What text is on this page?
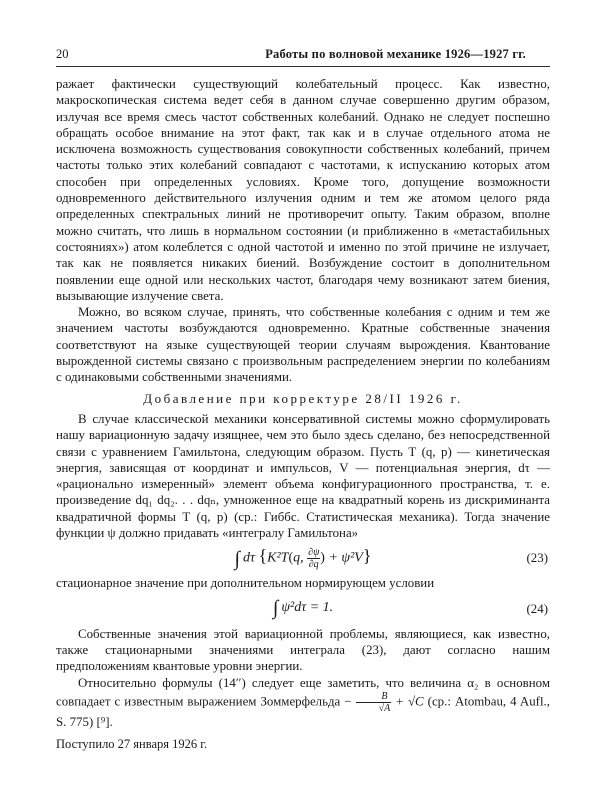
20	Работы по волновой механике 1926—1927 гг.

ражает фактически существующий колебательный процесс. Как известно, макроскопическая система ведет себя в данном случае совершенно другим образом, излучая все время смесь частот собственных колебаний. Однако не следует поспешно обращать особое внимание на этот факт, так как и в случае отдельного атома не исключена возможность существования совокупности собственных колебаний, причем частоты только этих колебаний совпадают с частотами, к испусканию которых атом способен при определенных условиях. Кроме того, допущение возможности одновременного действительного излучения одним и тем же атомом целого ряда определенных спектральных линий не противоречит опыту. Таким образом, вполне можно считать, что лишь в нормальном состоянии (и приближенно в «метастабильных состояниях») атом колеблется с одной частотой и именно по этой причине не излучает, так как не появляется никаких биений. Возбуждение состоит в дополнительном появлении еще одной или нескольких частот, благодаря чему возникают затем биения, вызывающие излучение света.

Можно, во всяком случае, принять, что собственные колебания с одним и тем же значением частоты возбуждаются одновременно. Кратные собственные значения соответствуют на языке существующей теории случаям вырождения. Квантование вырожденной системы связано с произвольным распределением энергии по колебаниям с одинаковыми собственными значениями.

Добавление при корректуре 28/II 1926 г.

В случае классической механики консервативной системы можно сформулировать нашу вариационную задачу изящнее, чем это было здесь сделано, без непосредственной связи с уравнением Гамильтона, следующим образом. Пусть T (q, p) — кинетическая энергия, зависящая от координат и импульсов, V — потенциальная энергия, dτ — «рационально измеренный» элемент объема конфигурационного пространства, т. е. произведение dq₁ dq₂. . . dqₙ, умноженное еще на квадратный корень из дискриминанта квадратичной формы T (q, p) (ср.: Гиббс. Статистическая механика). Тогда значение функции ψ должно придавать «интегралу Гамильтона»

∫ dτ {K²T(q, $\frac{\partial\psi}{\partial q}$ ) + ψ²V}	(23)

стационарное значение при дополнительном нормирующем условии

∫ ψ²dτ = 1.	(24)

Собственные значения этой вариационной проблемы, являющиеся, как известно, также стационарными значениями интеграла (23), дают согласно нашим предположениям квантовые уровни энергии.

Относительно формулы (14′′) следует еще заметить, что величина α₂ в основном совпадает с известным выражением Зоммерфельда − $\frac{B}{√A} + √C$ (ср.: Atombau, 4 Aufl., S. 775) [⁹].

Поступило 27 января 1926 г.
